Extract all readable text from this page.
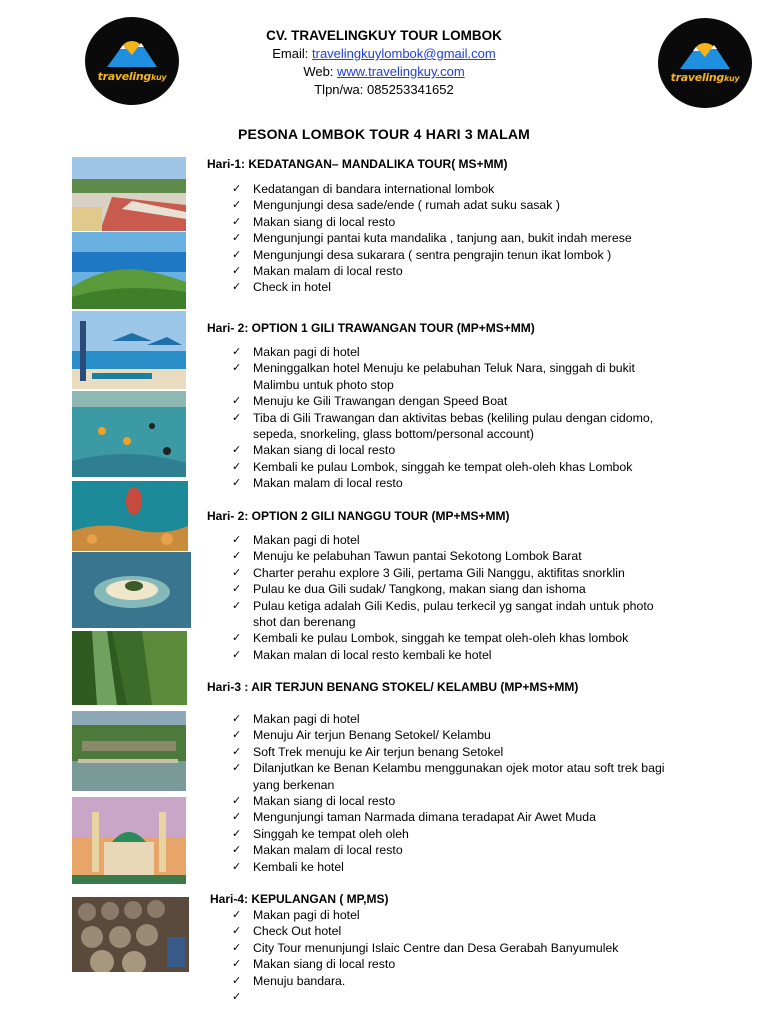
travelingkuy	travelingkuy
CV. TRAVELINGKUY TOUR LOMBOK
Email: travelingkuylombok@gmail.com
Web: www.travelingkuy.com
Tlpn/wa: 085253341652
PESONA LOMBOK TOUR 4 HARI 3 MALAM
Hari-1: KEDATANGAN– MANDALIKA TOUR( MS+MM)
Hari- 2: OPTION 1 GILI TRAWANGAN TOUR (MP+MS+MM)
Hari- 2: OPTION 2 GILI NANGGU TOUR (MP+MS+MM)
Hari-3 : AIR TERJUN BENANG STOKEL/ KELAMBU (MP+MS+MM)
Hari-4: KEPULANGAN ( MP,MS)
✓ Kedatangan di bandara international lombok
✓ Mengunjungi desa sade/ende ( rumah adat suku sasak )
✓ Makan siang di local resto
✓ Mengunjungi pantai kuta mandalika , tanjung aan, bukit indah merese
✓ Mengunjungi desa sukarara ( sentra pengrajin tenun ikat lombok )
✓ Makan malam di local resto
✓ Check in hotel
✓ Makan pagi di hotel
✓ Meninggalkan hotel Menuju ke pelabuhan Teluk Nara, singgah di bukit Malimbu untuk photo stop
✓ Menuju ke Gili Trawangan dengan Speed Boat
✓ Tiba di Gili Trawangan dan aktivitas bebas (keliling pulau dengan cidomo, sepeda, snorkeling, glass bottom/personal account)
✓ Makan siang di local resto
✓ Kembali ke pulau Lombok, singgah ke tempat oleh-oleh khas Lombok
✓ Makan malam di local resto
✓ Makan pagi di hotel
✓ Menuju ke pelabuhan Tawun pantai Sekotong Lombok Barat
✓ Charter perahu explore 3 Gili, pertama Gili Nanggu, aktifitas snorklin
✓ Pulau ke dua Gili sudak/ Tangkong, makan siang dan ishoma
✓ Pulau ketiga adalah Gili Kedis, pulau terkecil yg sangat indah untuk photo shot dan berenang
✓ Kembali ke pulau Lombok, singgah ke tempat oleh-oleh khas lombok
✓ Makan malan di local resto kembali ke hotel
✓ Makan pagi di hotel
✓ Menuju Air terjun Benang Setokel/ Kelambu
✓ Soft Trek menuju ke Air terjun benang Setokel
✓ Dilanjutkan ke Benan Kelambu menggunakan ojek motor atau soft trek bagi yang berkenan
✓ Makan siang di local resto
✓ Mengunjungi taman Narmada dimana teradapat Air Awet Muda
✓ Singgah ke tempat oleh oleh
✓ Makan malam di local resto
✓ Kembali ke hotel
✓ Makan pagi di hotel
✓ Check Out hotel
✓ City Tour menunjungi Islaic Centre dan Desa Gerabah Banyumulek
✓ Makan siang di local resto
✓ Menuju bandara.
✓
